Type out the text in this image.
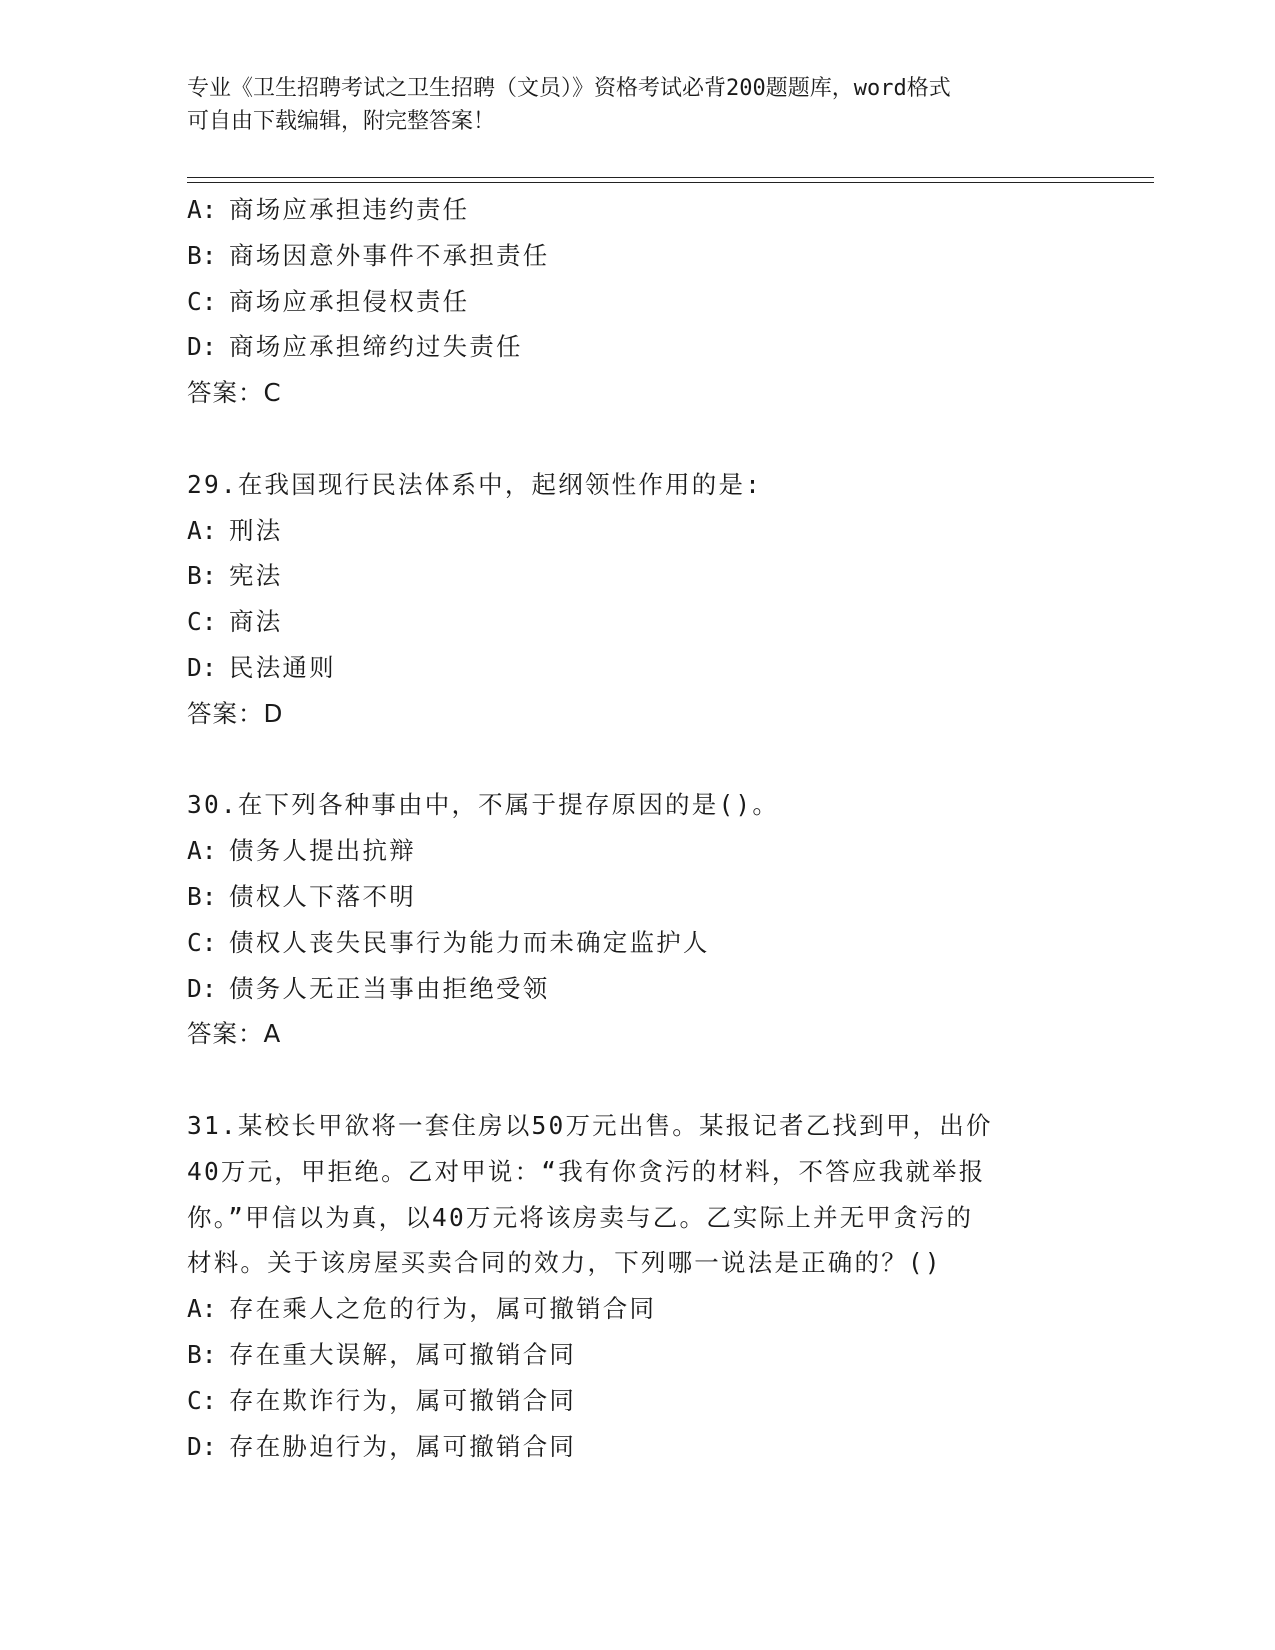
专业《卫生招聘考试之卫生招聘（文员）》资格考试必背200题题库，word格式
可自由下载编辑，附完整答案！
A: 商场应承担违约责任
B: 商场因意外事件不承担责任
C: 商场应承担侵权责任
D: 商场应承担缔约过失责任
答案：C
29.在我国现行民法体系中，起纲领性作用的是:
A: 刑法
B: 宪法
C: 商法
D: 民法通则
答案：D
30.在下列各种事由中，不属于提存原因的是()。
A: 债务人提出抗辩
B: 债权人下落不明
C: 债权人丧失民事行为能力而未确定监护人
D: 债务人无正当事由拒绝受领
答案：A
31.某校长甲欲将一套住房以50万元出售。某报记者乙找到甲，出价
40万元，甲拒绝。乙对甲说：“我有你贪污的材料，不答应我就举报
你。”甲信以为真，以40万元将该房卖与乙。乙实际上并无甲贪污的
材料。关于该房屋买卖合同的效力，下列哪一说法是正确的？()
A: 存在乘人之危的行为，属可撤销合同
B: 存在重大误解，属可撤销合同
C: 存在欺诈行为，属可撤销合同
D: 存在胁迫行为，属可撤销合同
